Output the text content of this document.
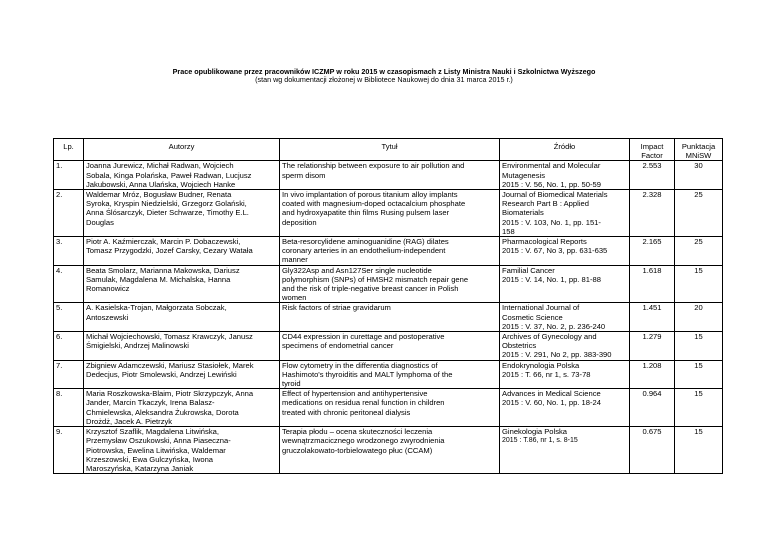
Prace opublikowane przez pracowników ICZMP w roku 2015 w czasopismach z Listy Ministra Nauki i Szkolnictwa Wyższego
(stan wg dokumentacji złożonej w Bibliotece Naukowej do dnia 31 marca 2015 r.)
Lp.	Autorzy	Tytuł	Źródło	Impact
Factor	Punktacja
MNiSW

1.	Joanna Jurewicz, Michał Radwan, Wojciech
Sobala, Kinga Polańska, Paweł Radwan, Lucjusz
Jakubowski, Anna Ulańska, Wojciech Hanke	The relationship between exposure to air pollution and
sperm disom	Environmental and Molecular
Mutagenesis
2015 : V. 56, No. 1, pp. 50-59	2.553	30
2.	Waldemar Mróz, Bogusław Budner, Renata
Syroka, Kryspin Niedzielski, Grzegorz Golański,
Anna Ślósarczyk, Dieter Schwarze, Timothy E.L.
Douglas	In vivo implantation of porous titanium alloy implants
coated with magnesium-doped octacalcium phosphate
and hydroxyapatite thin films Rusing pulsem laser
deposition	Journal of Biomedical Materials
Research Part B : Applied
Biomaterials
2015 : V. 103, No. 1, pp. 151-
158	2.328	25
3.	Piotr A. Kaźmierczak, Marcin P. Dobaczewski,
Tomasz Przygodzki, Jozef Carsky, Cezary Watała	Beta-resorcylidene aminoguanidine (RAG) dilates
coronary arteries in an endothelium-independent
manner	Pharmacological Reports
2015 : V. 67, No 3, pp. 631-635	2.165	25
4.	Beata Smolarz, Marianna Makowska, Dariusz
Samulak, Magdalena M. Michalska, Hanna
Romanowicz	Gly322Asp and Asn127Ser single nucleotide
polymorphism (SNPs) of HMSH2 mismatch repair gene
and the risk of triple-negative breast cancer in Polish
women	Familial Cancer
2015 : V. 14, No. 1, pp. 81-88	1.618	15
5.	A. Kasielska-Trojan, Małgorzata Sobczak,
Antoszewski	Risk factors of striae gravidarum	International Journal of
Cosmetic Science
2015 : V. 37, No. 2, p. 236-240	1.451	20
6.	Michał Wojciechowski, Tomasz Krawczyk, Janusz
Śmigielski, Andrzej Malinowski	CD44 expression in curettage and postoperative
specimens of endometrial cancer	Archives of Gynecology and
Obstetrics
2015 : V. 291, No 2, pp. 383-390	1.279	15
7.	Zbigniew Adamczewski, Mariusz Stasiołek, Marek
Dedecjus, Piotr Smolewski, Andrzej Lewiński	Flow cytometry in the differentia diagnostics of
Hashimoto's thyroiditis and MALT lymphoma of the
tyroid	Endokrynologia Polska
2015 : T. 66, nr 1, s. 73-78	1.208	15
8.	Maria Roszkowska-Blaim, Piotr Skrzypczyk, Anna
Jander, Marcin Tkaczyk, Irena Balasz-
Chmielewska, Aleksandra Żukrowska, Dorota
Drożdż, Jacek A. Pietrzyk	Effect of hypertension and antihypertensive
medications on residua renal function in children
treated with chronic peritoneal dialysis	Advances in Medical Science
2015 : V. 60, No. 1, pp. 18-24	0.964	15
9.	Krzysztof Szaflik, Magdalena Litwińska,
Przemysław Oszukowski, Anna Piaseczna-
Piotrowska, Ewelina Litwińska, Waldemar
Krzeszowski, Ewa Gulczyńska, Iwona
Maroszyńska, Katarzyna Janiak	Terapia płodu – ocena skuteczności leczenia
wewnątrzmacicznego wrodzonego zwyrodnienia
gruczolakowato-torbielowatego płuc (CCAM)	Ginekologia Polska
2015 : T.86, nr 1, s. 8-15	0.675	15
